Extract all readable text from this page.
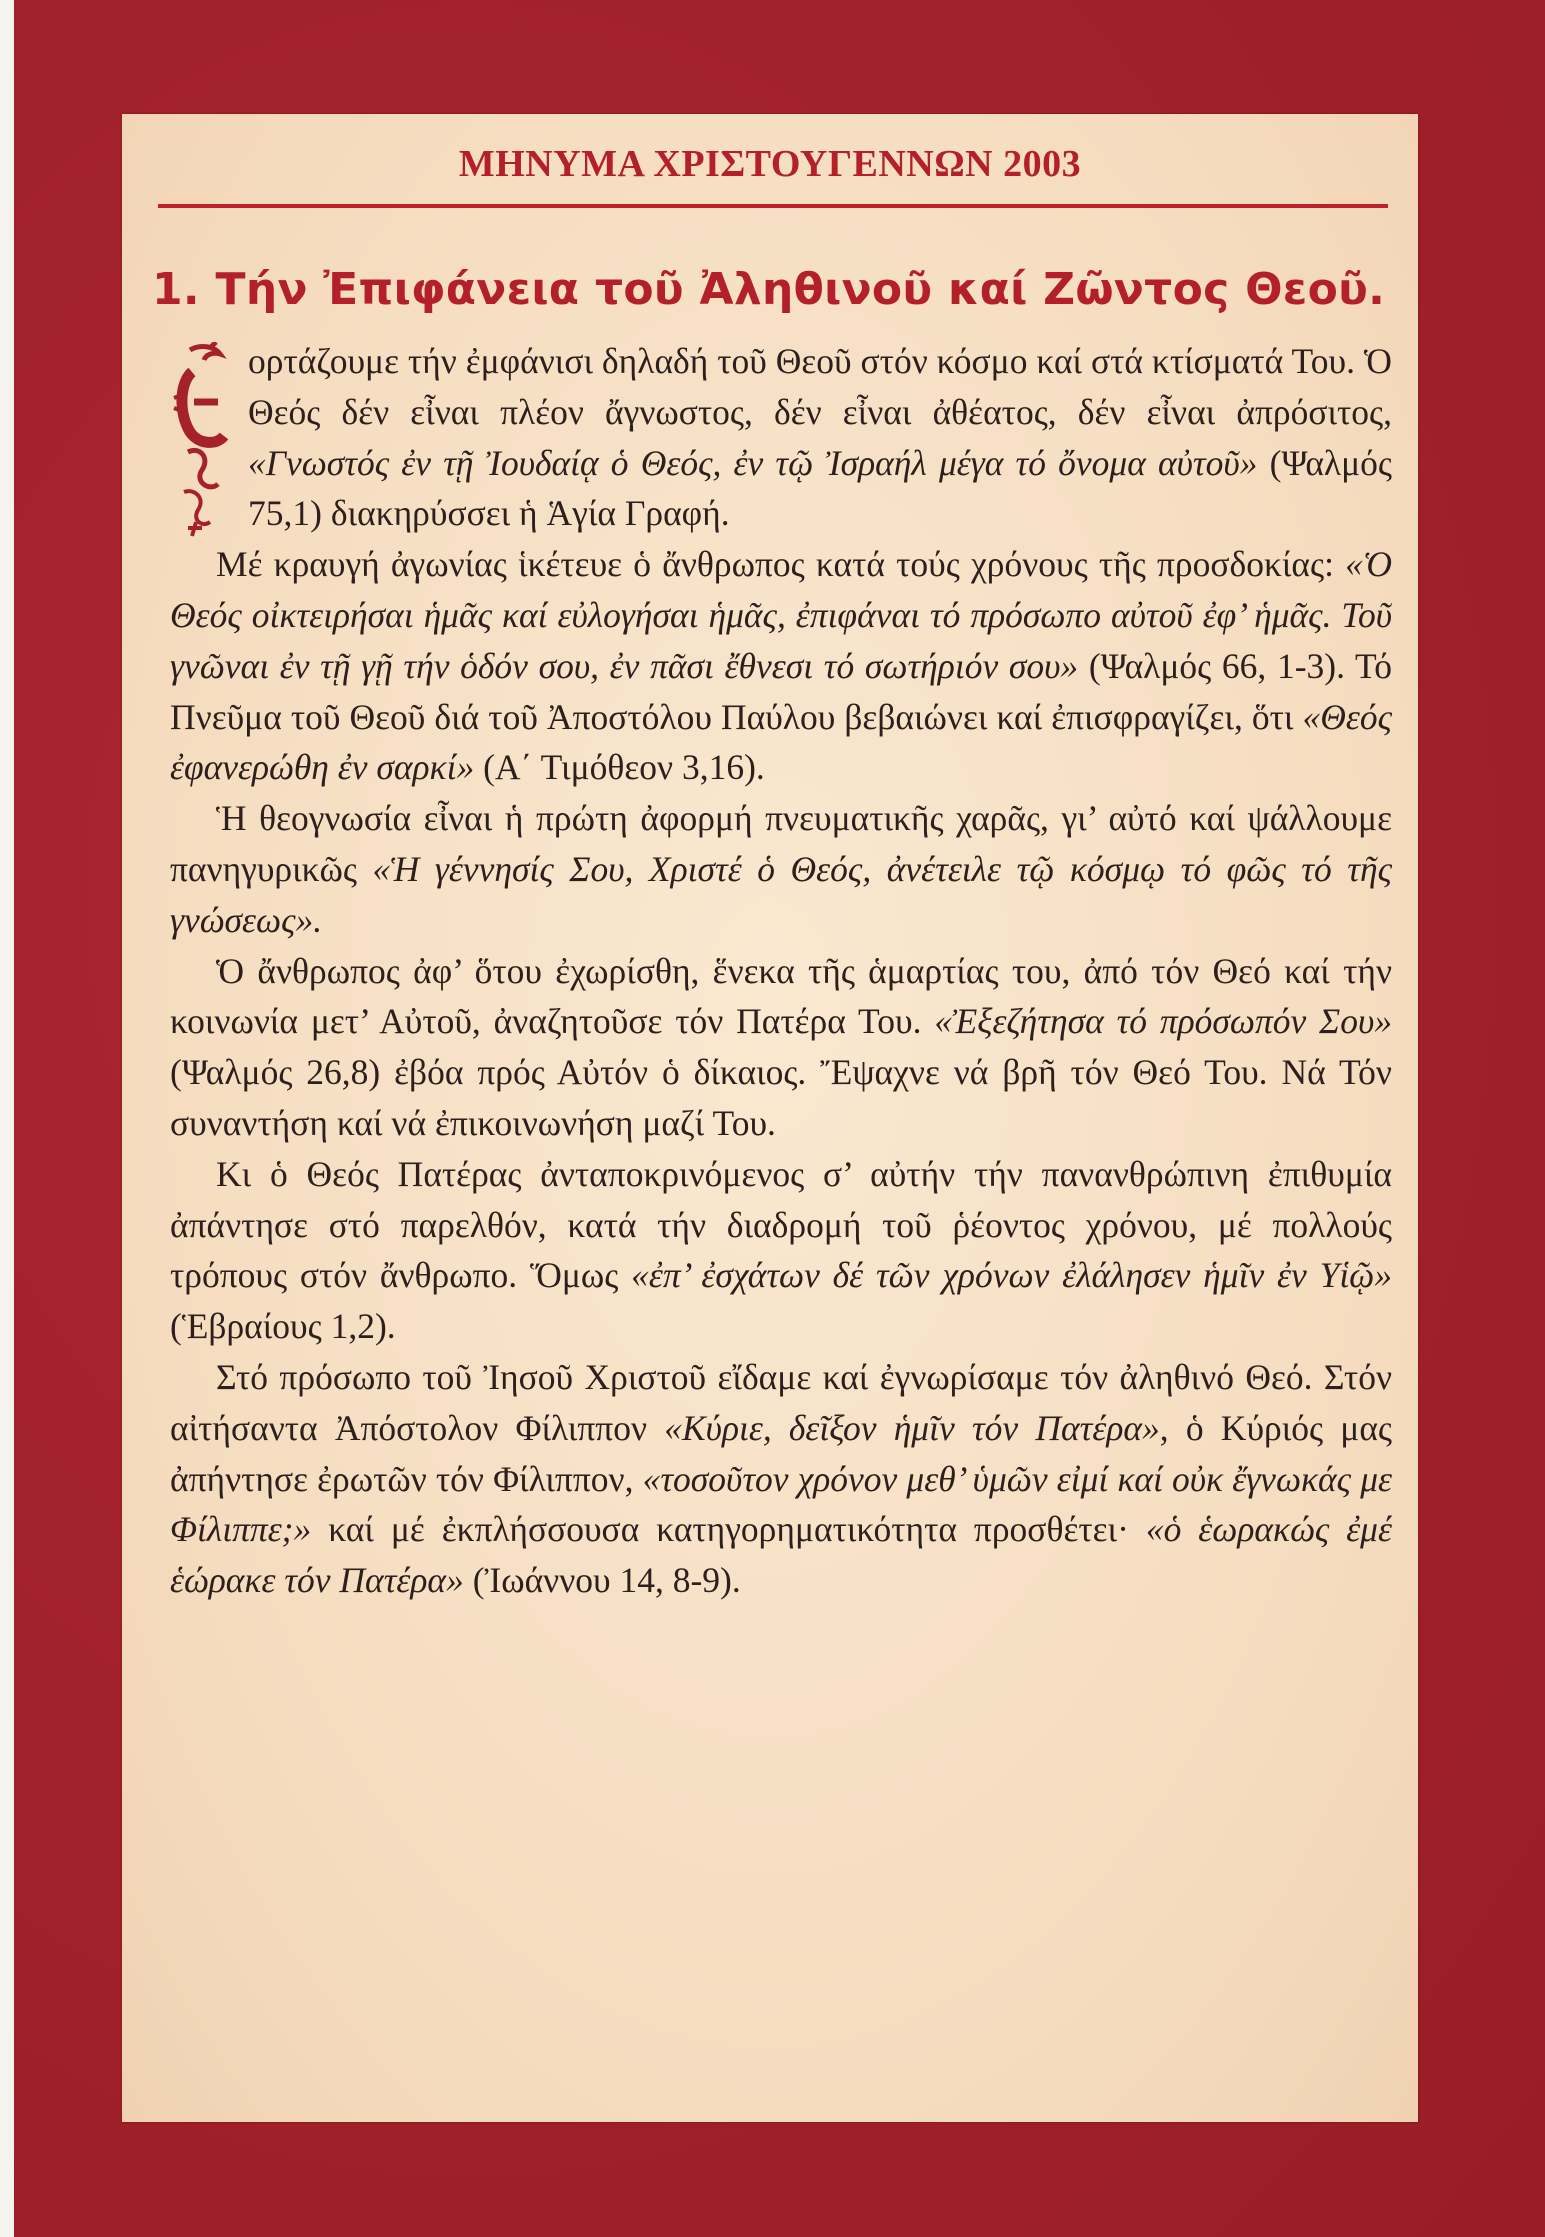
ΜΗΝΥΜΑ ΧΡΙΣΤΟΥΓΕΝΝΩΝ 2003
1. Τήν Ἐπιφάνεια τοῦ Ἀληθινοῦ καί Ζῶντος Θεοῦ.

ορτάζουμε τήν ἐμφάνισι δηλαδή τοῦ Θεοῦ στόν κόσμο καί στά κτίσματά Του. Ὁ Θεός δέν εἶναι πλέον ἄγνωστος, δέν εἶναι ἀθέατος, δέν εἶναι ἀπρόσιτος, «Γνωστός ἐν τῇ Ἰουδαίᾳ ὁ Θεός, ἐν τῷ Ἰσραήλ μέγα τό ὄνομα αὐτοῦ» (Ψαλμός 75,1) διακηρύσσει ἡ Ἁγία Γραφή.

Μέ κραυγή ἀγωνίας ἱκέτευε ὁ ἄνθρωπος κατά τούς χρόνους τῆς προσδοκίας: «Ὁ Θεός οἰκτειρήσαι ἡμᾶς καί εὐλογήσαι ἡμᾶς, ἐπιφάναι τό πρόσωπο αὐτοῦ ἐφ’ ἡμᾶς. Τοῦ γνῶναι ἐν τῇ γῇ τήν ὁδόν σου, ἐν πᾶσι ἔθνεσι τό σωτήριόν σου» (Ψαλμός 66, 1-3). Τό Πνεῦμα τοῦ Θεοῦ διά τοῦ Ἀποστόλου Παύλου βεβαιώνει καί ἐπισφραγίζει, ὅτι «Θεός ἐφανερώθη ἐν σαρκί» (Α΄ Τιμόθεον 3,16).

Ἡ θεογνωσία εἶναι ἡ πρώτη ἀφορμή πνευματικῆς χαρᾶς, γι’ αὐτό καί ψάλλουμε πανηγυρικῶς «Ἡ γέννησίς Σου, Χριστέ ὁ Θεός, ἀνέτειλε τῷ κόσμῳ τό φῶς τό τῆς γνώσεως».

Ὁ ἄνθρωπος ἀφ’ ὅτου ἐχωρίσθη, ἕνεκα τῆς ἁμαρτίας του, ἀπό τόν Θεό καί τήν κοινωνία μετ’ Αὐτοῦ, ἀναζητοῦσε τόν Πατέρα Του. «Ἐξεζήτησα τό πρόσωπόν Σου» (Ψαλμός 26,8) ἐβόα πρός Αὐτόν ὁ δίκαιος. Ἔψαχνε νά βρῆ τόν Θεό Του. Νά Τόν συναντήση καί νά ἐπικοινωνήση μαζί Του.

Κι ὁ Θεός Πατέρας ἀνταποκρινόμενος σ’ αὐτήν τήν πανανθρώπινη ἐπιθυμία ἀπάντησε στό παρελθόν, κατά τήν διαδρομή τοῦ ῥέοντος χρόνου, μέ πολλούς τρόπους στόν ἄνθρωπο. Ὅμως «ἐπ’ ἐσχάτων δέ τῶν χρόνων ἐλάλησεν ἡμῖν ἐν Υἱῷ» (Ἑβραίους 1,2).

Στό πρόσωπο τοῦ Ἰησοῦ Χριστοῦ εἴδαμε καί ἐγνωρίσαμε τόν ἀληθινό Θεό. Στόν αἰτήσαντα Ἀπόστολον Φίλιππον «Κύριε, δεῖξον ἡμῖν τόν Πατέρα», ὁ Κύριός μας ἀπήντησε ἐρωτῶν τόν Φίλιππον, «τοσοῦτον χρόνον μεθ’ ὑμῶν εἰμί καί οὐκ ἔγνωκάς με Φίλιππε;» καί μέ ἐκπλήσσουσα κατηγορηματικότητα προσθέτει· «ὁ ἑωρακώς ἐμέ ἑώρακε τόν Πατέρα» (Ἰωάννου 14, 8-9).
